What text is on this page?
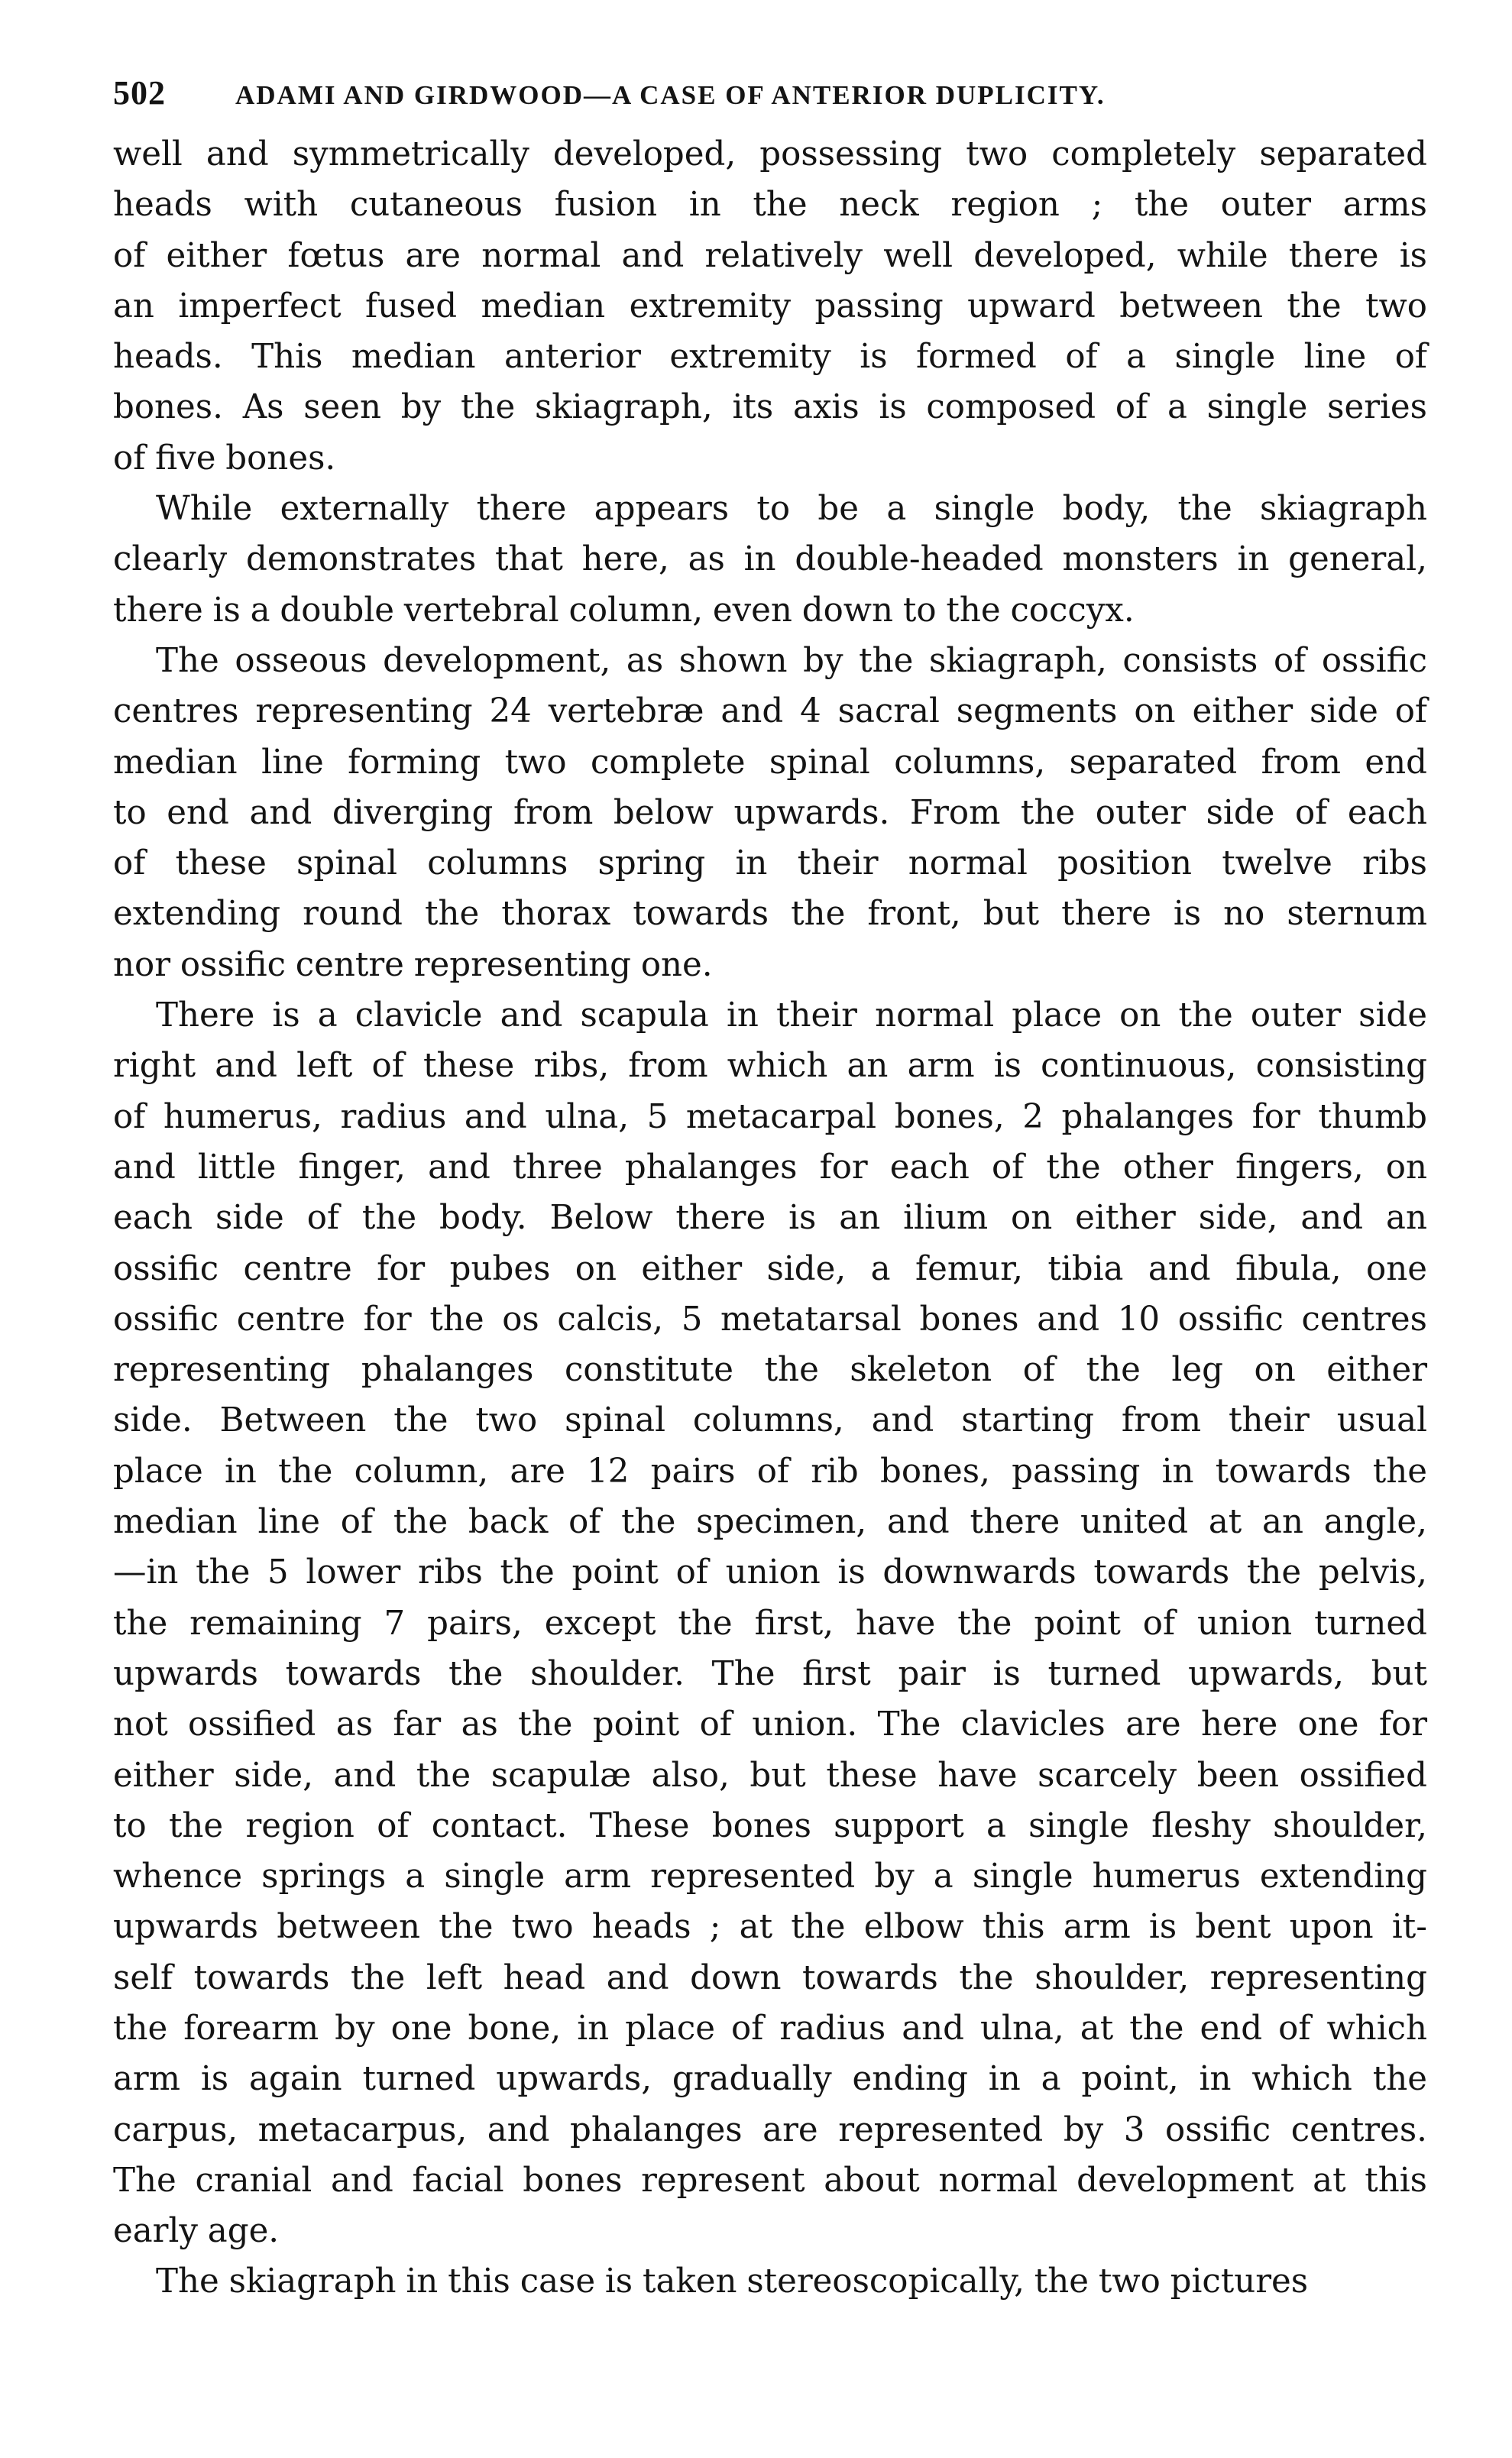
502	ADAMI AND GIRDWOOD—A CASE OF ANTERIOR DUPLICITY.

well and symmetrically developed, possessing two completely separated
heads with cutaneous fusion in the neck region ; the outer arms
of either fœtus are normal and relatively well developed, while there is
an imperfect fused median extremity passing upward between the two
heads. This median anterior extremity is formed of a single line of
bones. As seen by the skiagraph, its axis is composed of a single series
of five bones.

While externally there appears to be a single body, the skiagraph
clearly demonstrates that here, as in double-headed monsters in general,
there is a double vertebral column, even down to the coccyx.

The osseous development, as shown by the skiagraph, consists of ossific
centres representing 24 vertebræ and 4 sacral segments on either side of
median line forming two complete spinal columns, separated from end
to end and diverging from below upwards. From the outer side of each
of these spinal columns spring in their normal position twelve ribs
extending round the thorax towards the front, but there is no sternum
nor ossific centre representing one.

There is a clavicle and scapula in their normal place on the outer side
right and left of these ribs, from which an arm is continuous, consisting
of humerus, radius and ulna, 5 metacarpal bones, 2 phalanges for thumb
and little finger, and three phalanges for each of the other fingers, on
each side of the body. Below there is an ilium on either side, and an
ossific centre for pubes on either side, a femur, tibia and fibula, one
ossific centre for the os calcis, 5 metatarsal bones and 10 ossific centres
representing phalanges constitute the skeleton of the leg on either
side. Between the two spinal columns, and starting from their usual
place in the column, are 12 pairs of rib bones, passing in towards the
median line of the back of the specimen, and there united at an angle,
—in the 5 lower ribs the point of union is downwards towards the pelvis,
the remaining 7 pairs, except the first, have the point of union turned
upwards towards the shoulder. The first pair is turned upwards, but
not ossified as far as the point of union. The clavicles are here one for
either side, and the scapulæ also, but these have scarcely been ossified
to the region of contact. These bones support a single fleshy shoulder,
whence springs a single arm represented by a single humerus extending
upwards between the two heads ; at the elbow this arm is bent upon it-
self towards the left head and down towards the shoulder, representing
the forearm by one bone, in place of radius and ulna, at the end of which
arm is again turned upwards, gradually ending in a point, in which the
carpus, metacarpus, and phalanges are represented by 3 ossific centres.
The cranial and facial bones represent about normal development at this
early age.

The skiagraph in this case is taken stereoscopically, the two pictures
